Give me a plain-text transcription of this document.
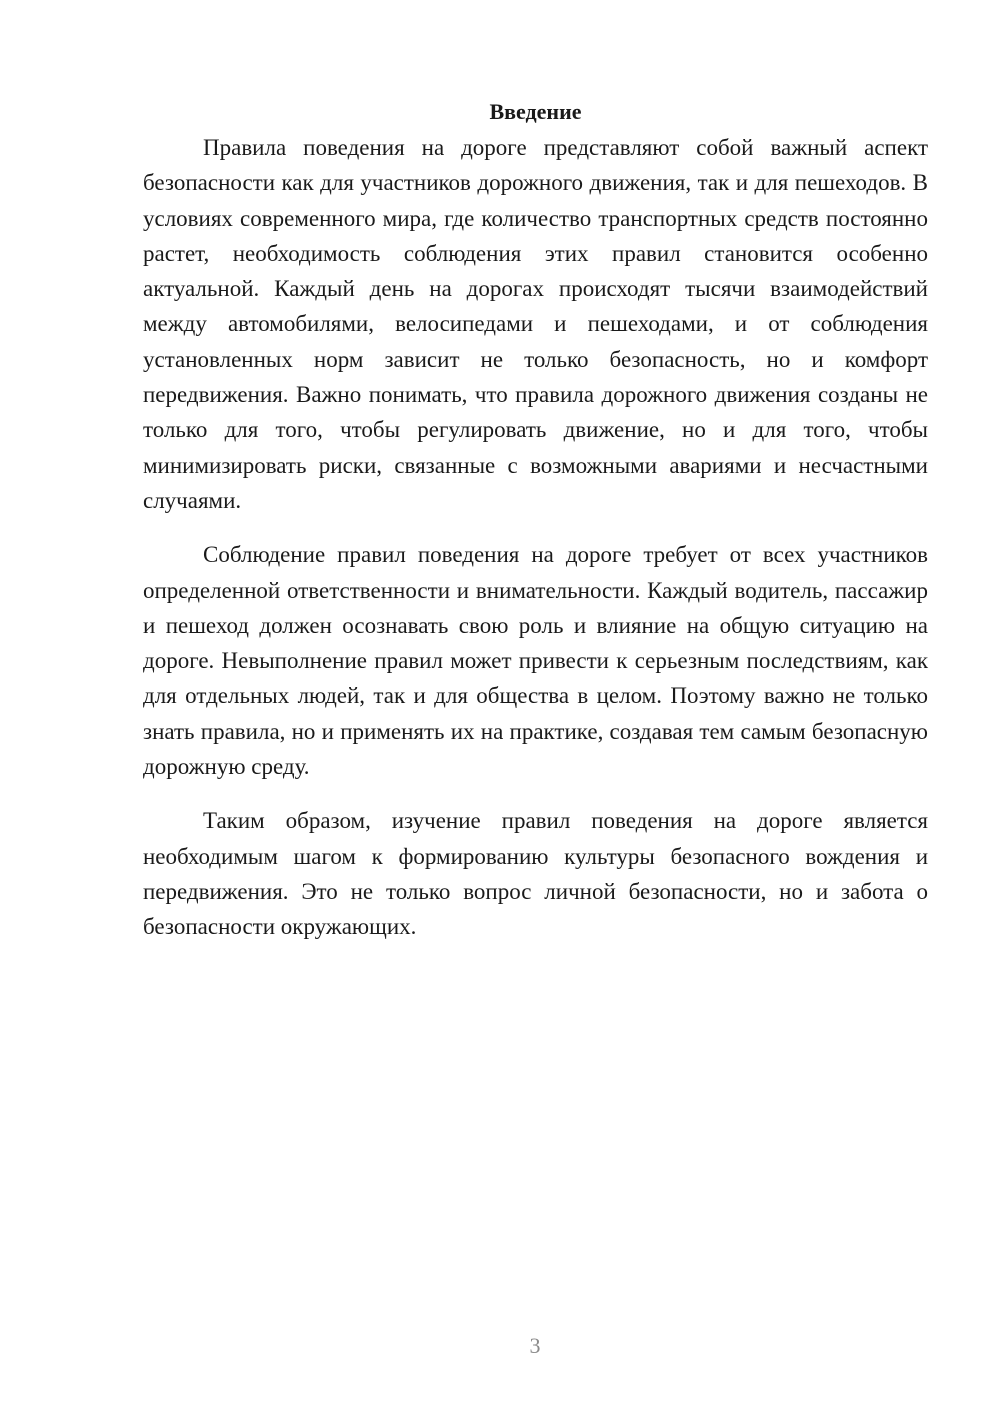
Введение

Правила поведения на дороге представляют собой важный аспект безопасности как для участников дорожного движения, так и для пешеходов. В условиях современного мира, где количество транспортных средств постоянно растет, необходимость соблюдения этих правил становится особенно актуальной. Каждый день на дорогах происходят тысячи взаимодействий между автомобилями, велосипедами и пешеходами, и от соблюдения установленных норм зависит не только безопасность, но и комфорт передвижения. Важно понимать, что правила дорожного движения созданы не только для того, чтобы регулировать движение, но и для того, чтобы минимизировать риски, связанные с возможными авариями и несчастными случаями.

Соблюдение правил поведения на дороге требует от всех участников определенной ответственности и внимательности. Каждый водитель, пассажир и пешеход должен осознавать свою роль и влияние на общую ситуацию на дороге. Невыполнение правил может привести к серьезным последствиям, как для отдельных людей, так и для общества в целом. Поэтому важно не только знать правила, но и применять их на практике, создавая тем самым безопасную дорожную среду.

Таким образом, изучение правил поведения на дороге является необходимым шагом к формированию культуры безопасного вождения и передвижения. Это не только вопрос личной безопасности, но и забота о безопасности окружающих.

3
